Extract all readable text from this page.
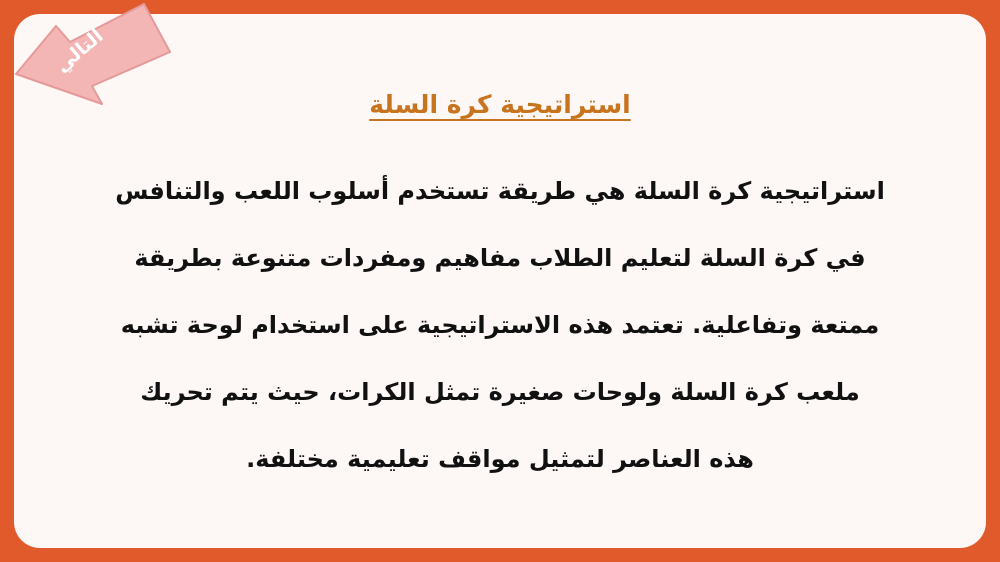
التالي
استراتيجية كرة السلة

استراتيجية كرة السلة هي طريقة تستخدم أسلوب اللعب والتنافس
في كرة السلة لتعليم الطلاب مفاهيم ومفردات متنوعة بطريقة
ممتعة وتفاعلية. تعتمد هذه الاستراتيجية على استخدام لوحة تشبه
ملعب كرة السلة ولوحات صغيرة تمثل الكرات، حيث يتم تحريك
هذه العناصر لتمثيل مواقف تعليمية مختلفة.
